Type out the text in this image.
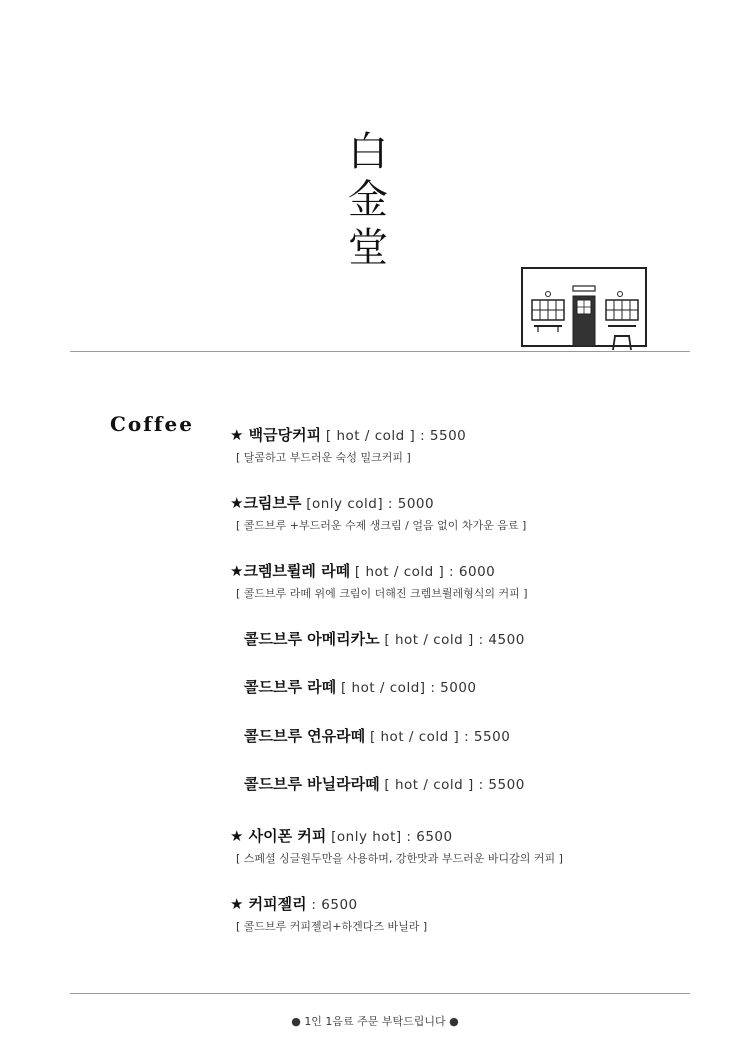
白
金
堂
Coffee ★ 백금당커피 [ hot / cold ] : 5500
[ 달콤하고 부드러운 숙성 밀크커피 ]
★크림브루 [only cold] : 5000
[ 콜드브루 +부드러운 수제 생크림 / 얼음 없이 차가운 음료 ]
★크렘브륄레 라떼 [ hot / cold ] : 6000
[ 콜드브루 라떼 위에 크림이 더해진 크렘브륄레형식의 커피 ]
콜드브루 아메리카노 [ hot / cold ] : 4500
콜드브루 라떼 [ hot / cold] : 5000
콜드브루 연유라떼 [ hot / cold ] : 5500
콜드브루 바닐라라떼 [ hot / cold ] : 5500
★ 사이폰 커피 [only hot] : 6500
[ 스페셜 싱글원두만을 사용하며, 강한맛과 부드러운 바디감의 커피 ]
★ 커피젤리 : 6500
[ 콜드브루 커피젤리+하겐다즈 바닐라 ]
● 1인 1음료 주문 부탁드립니다 ●
